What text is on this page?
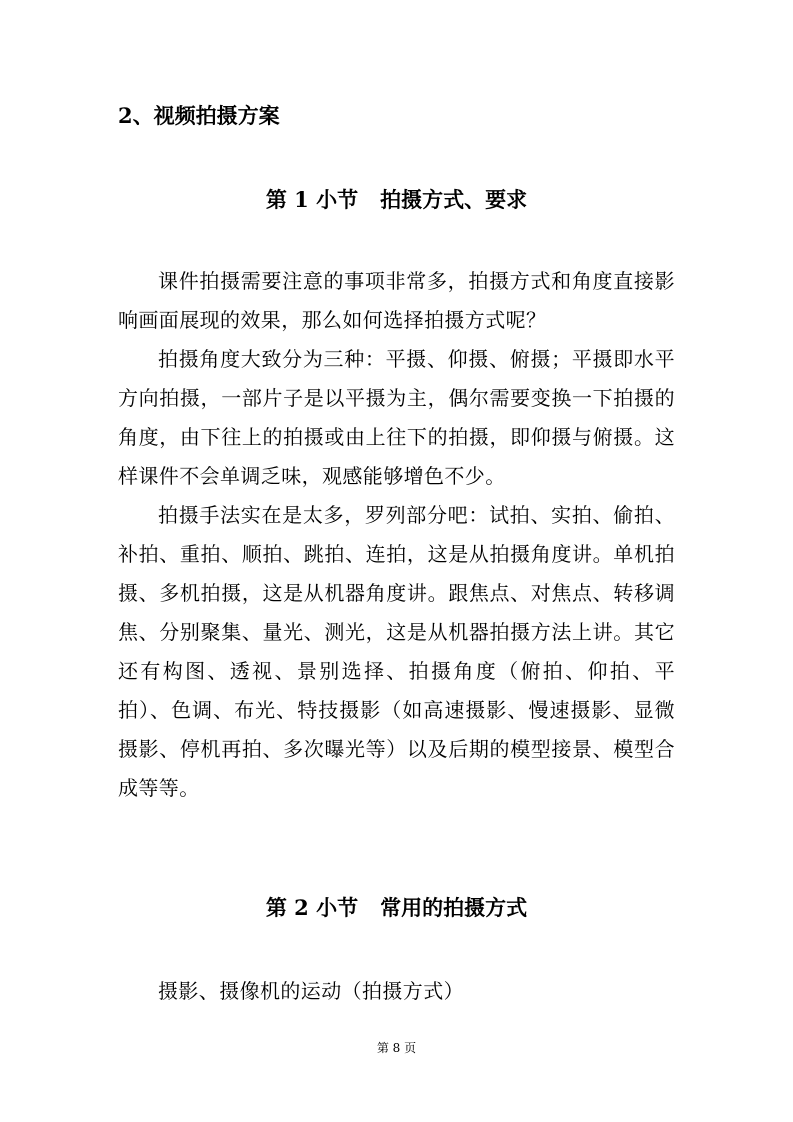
2、视频拍摄方案
第 1 小节 拍摄方式、要求

课件拍摄需要注意的事项非常多，拍摄方式和角度直接影响画面展现的效果，那么如何选择拍摄方式呢？

拍摄角度大致分为三种：平摄、仰摄、俯摄；平摄即水平方向拍摄，一部片子是以平摄为主，偶尔需要变换一下拍摄的角度，由下往上的拍摄或由上往下的拍摄，即仰摄与俯摄。这样课件不会单调乏味，观感能够增色不少。

拍摄手法实在是太多，罗列部分吧：试拍、实拍、偷拍、补拍、重拍、顺拍、跳拍、连拍，这是从拍摄角度讲。单机拍摄、多机拍摄，这是从机器角度讲。跟焦点、对焦点、转移调焦、分别聚集、量光、测光，这是从机器拍摄方法上讲。其它还有构图、透视、景别选择、拍摄角度（俯拍、仰拍、平拍）、色调、布光、特技摄影（如高速摄影、慢速摄影、显微摄影、停机再拍、多次曝光等）以及后期的模型接景、模型合成等等。

第 2 小节 常用的拍摄方式

摄影、摄像机的运动（拍摄方式）

第 8 页
